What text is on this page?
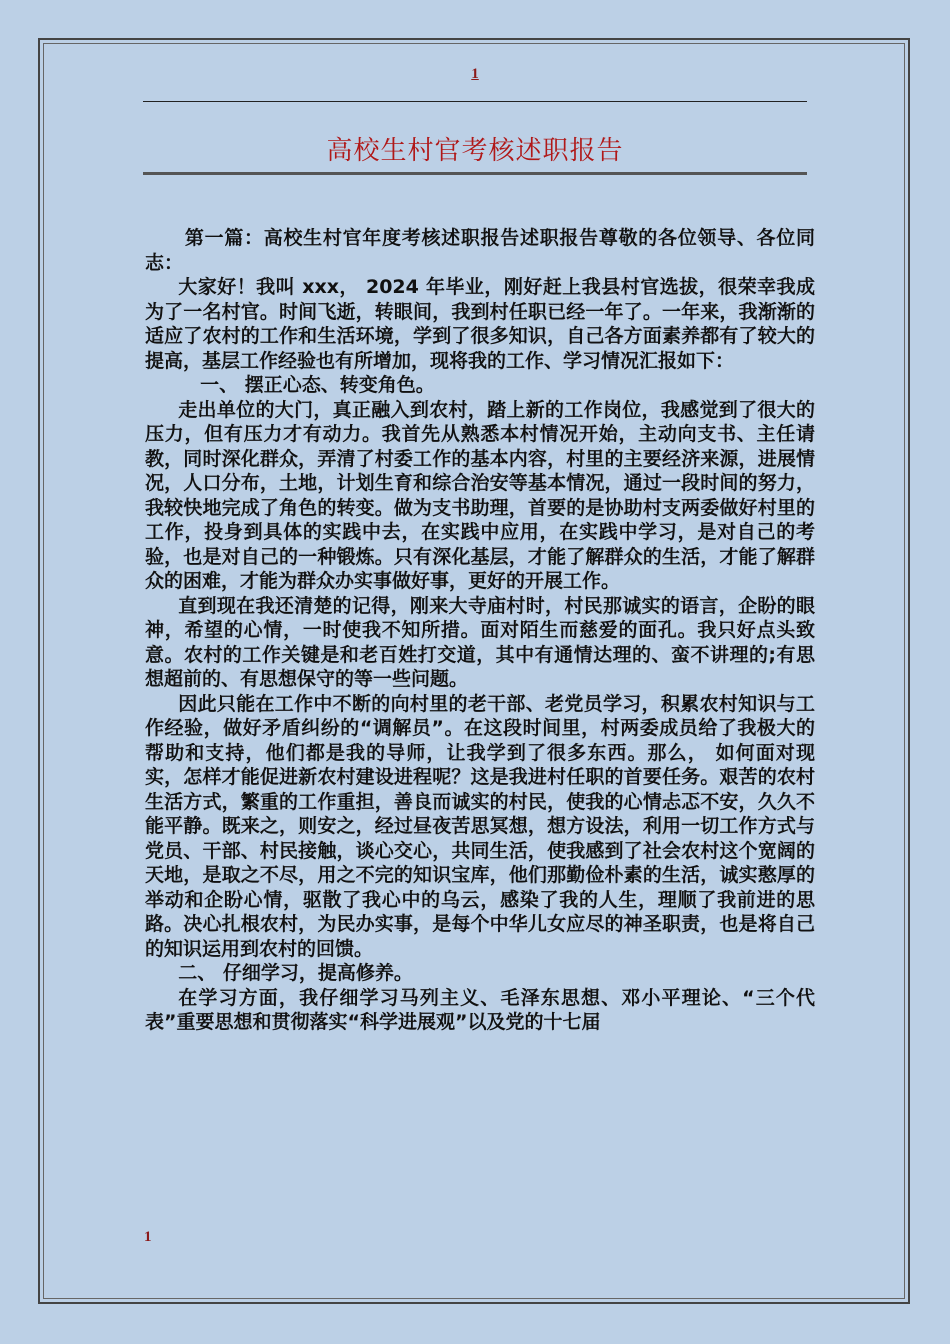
1
高校生村官考核述职报告

第一篇：高校生村官年度考核述职报告述职报告尊敬的各位领导、各位同志：

大家好！我叫 xxx， 2024 年毕业，刚好赶上我县村官选拔，很荣幸我成为了一名村官。时间飞逝，转眼间，我到村任职已经一年了。一年来，我渐渐的适应了农村的工作和生活环境，学到了很多知识，自己各方面素养都有了较大的提高，基层工作经验也有所增加，现将我的工作、学习情况汇报如下：

一、 摆正心态、转变角色。

走出单位的大门，真正融入到农村，踏上新的工作岗位，我感觉到了很大的压力，但有压力才有动力。我首先从熟悉本村情况开始，主动向支书、主任请教，同时深化群众，弄清了村委工作的基本内容，村里的主要经济来源，进展情况，人口分布，土地，计划生育和综合治安等基本情况，通过一段时间的努力，我较快地完成了角色的转变。做为支书助理，首要的是协助村支两委做好村里的工作，投身到具体的实践中去，在实践中应用，在实践中学习，是对自己的考验，也是对自己的一种锻炼。只有深化基层，才能了解群众的生活，才能了解群众的困难，才能为群众办实事做好事，更好的开展工作。

直到现在我还清楚的记得，刚来大寺庙村时，村民那诚实的语言，企盼的眼神，希望的心情，一时使我不知所措。面对陌生而慈爱的面孔。我只好点头致意。农村的工作关键是和老百姓打交道，其中有通情达理的、蛮不讲理的;有思想超前的、有思想保守的等一些问题。

因此只能在工作中不断的向村里的老干部、老党员学习，积累农村知识与工作经验，做好矛盾纠纷的“调解员”。在这段时间里，村两委成员给了我极大的帮助和支持，他们都是我的导师，让我学到了很多东西。那么， 如何面对现实，怎样才能促进新农村建设进程呢？这是我进村任职的首要任务。艰苦的农村生活方式，繁重的工作重担，善良而诚实的村民，使我的心情忐忑不安，久久不能平静。既来之，则安之，经过昼夜苦思冥想，想方设法，利用一切工作方式与党员、干部、村民接触，谈心交心，共同生活，使我感到了社会农村这个宽阔的天地，是取之不尽，用之不完的知识宝库，他们那勤俭朴素的生活，诚实憨厚的举动和企盼心情，驱散了我心中的乌云，感染了我的人生，理顺了我前进的思路。决心扎根农村，为民办实事，是每个中华儿女应尽的神圣职责，也是将自己的知识运用到农村的回馈。

二、 仔细学习，提高修养。

在学习方面，我仔细学习马列主义、毛泽东思想、邓小平理论、“三个代表”重要思想和贯彻落实“科学进展观”以及党的十七届

1
